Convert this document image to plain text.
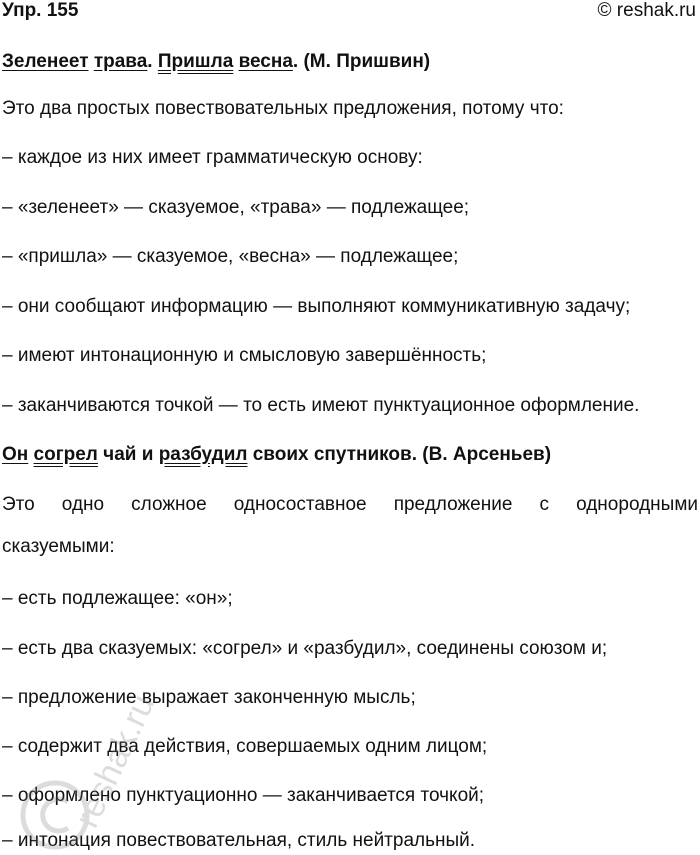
Упр. 155	© reshak.ru
Зеленеет трава. Пришла весна. (М. Пришвин)
Это два простых повествовательных предложения, потому что:
– каждое из них имеет грамматическую основу:
– «зеленеет» — сказуемое, «трава» — подлежащее;
– «пришла» — сказуемое, «весна» — подлежащее;
– они сообщают информацию — выполняют коммуникативную задачу;
– имеют интонационную и смысловую завершённость;
– заканчиваются точкой — то есть имеют пунктуационное оформление.
Он согрел чай и разбудил своих спутников. (В. Арсеньев)
Это одно сложное односоставное предложение с однородными
сказуемыми:
– есть подлежащее: «он»;
– есть два сказуемых: «согрел» и «разбудил», соединены союзом и;
– предложение выражает законченную мысль;
– содержит два действия, совершаемых одним лицом;
– оформлено пунктуационно — заканчивается точкой;
– интонация повествовательная, стиль нейтральный.
reshak.ru
